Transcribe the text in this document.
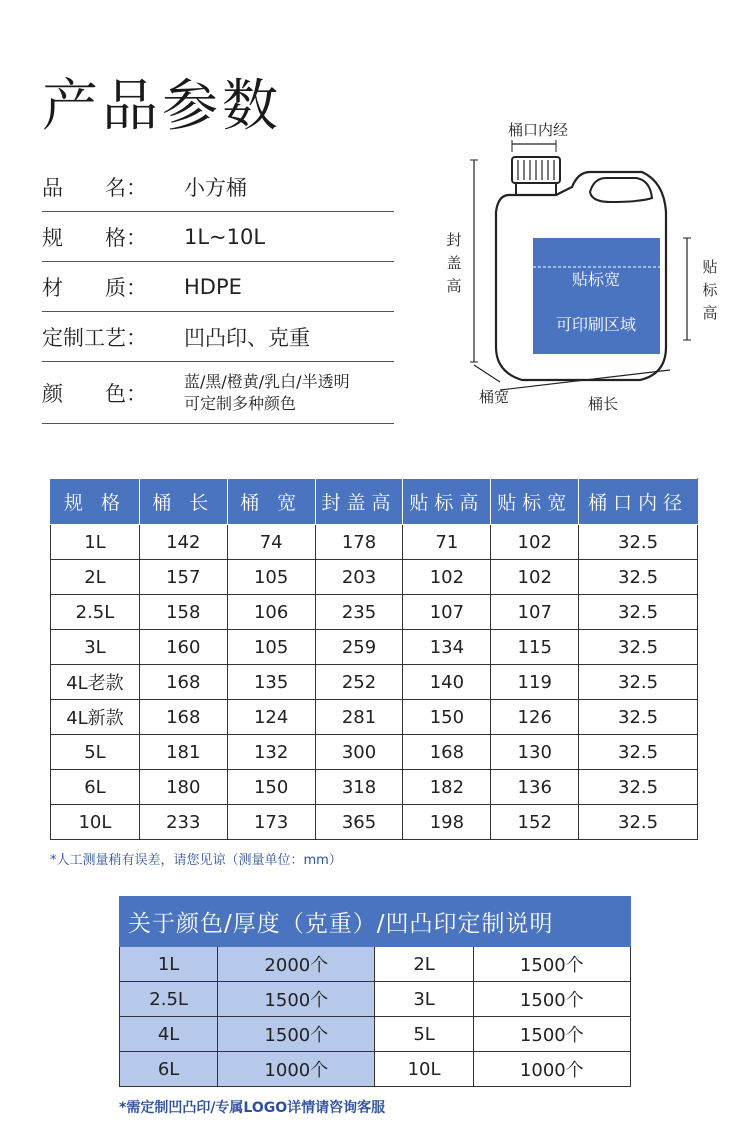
产品参数
品　　名：	小方桶
规　　格：	1L~10L
材　　质：	HDPE
定制工艺：	凹凸印、克重
颜　　色：
蓝/黑/橙黄/乳白/半透明
可定制多种颜色
桶口内经
贴标宽
可印刷区域
封
盖
高
贴
标
高
桶宽	桶长
规 格	桶 长	桶 宽	封盖高	贴标高	贴标宽	桶口内径
1L	142	74	178	71	102	32.5
2L	157	105	203	102	102	32.5
2.5L	158	106	235	107	107	32.5
3L	160	105	259	134	115	32.5
4L老款	168	135	252	140	119	32.5
4L新款	168	124	281	150	126	32.5
5L	181	132	300	168	130	32.5
6L	180	150	318	182	136	32.5
10L	233	173	365	198	152	32.5
*人工测量稍有误差，请您见谅（测量单位：mm）
关于颜色/厚度（克重）/凹凸印定制说明			
1L	2000个	2L	1500个
2.5L	1500个	3L	1500个
4L	1500个	5L	1500个
6L	1000个	10L	1000个
*需定制凹凸印/专属LOGO详情请咨询客服
